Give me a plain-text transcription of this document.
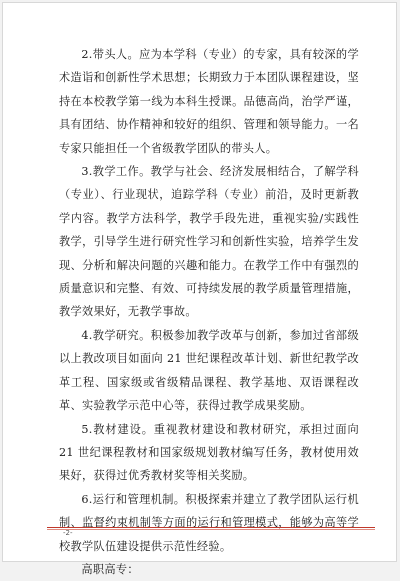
2.带头人。应为本学科（专业）的专家，具有较深的学术造诣和创新性学术思想；长期致力于本团队课程建设，坚持在本校教学第一线为本科生授课。品德高尚，治学严谨，具有团结、协作精神和较好的组织、管理和领导能力。一名专家只能担任一个省级教学团队的带头人。

3.教学工作。教学与社会、经济发展相结合，了解学科（专业）、行业现状，追踪学科（专业）前沿，及时更新教学内容。教学方法科学，教学手段先进，重视实验/实践性教学，引导学生进行研究性学习和创新性实验，培养学生发现、分析和解决问题的兴趣和能力。在教学工作中有强烈的质量意识和完整、有效、可持续发展的教学质量管理措施，教学效果好，无教学事故。

4.教学研究。积极参加教学改革与创新，参加过省部级以上教改项目如面向 21 世纪课程改革计划、新世纪教学改革工程、国家级或省级精品课程、教学基地、双语课程改革、实验教学示范中心等，获得过教学成果奖励。

5.教材建设。重视教材建设和教材研究，承担过面向 21 世纪课程教材和国家级规划教材编写任务，教材使用效果好，获得过优秀教材奖等相关奖励。

6.运行和管理机制。积极探索并建立了教学团队运行机制、监督约束机制等方面的运行和管理模式，能够为高等学校教学队伍建设提供示范性经验。

高职高专：

-2-
